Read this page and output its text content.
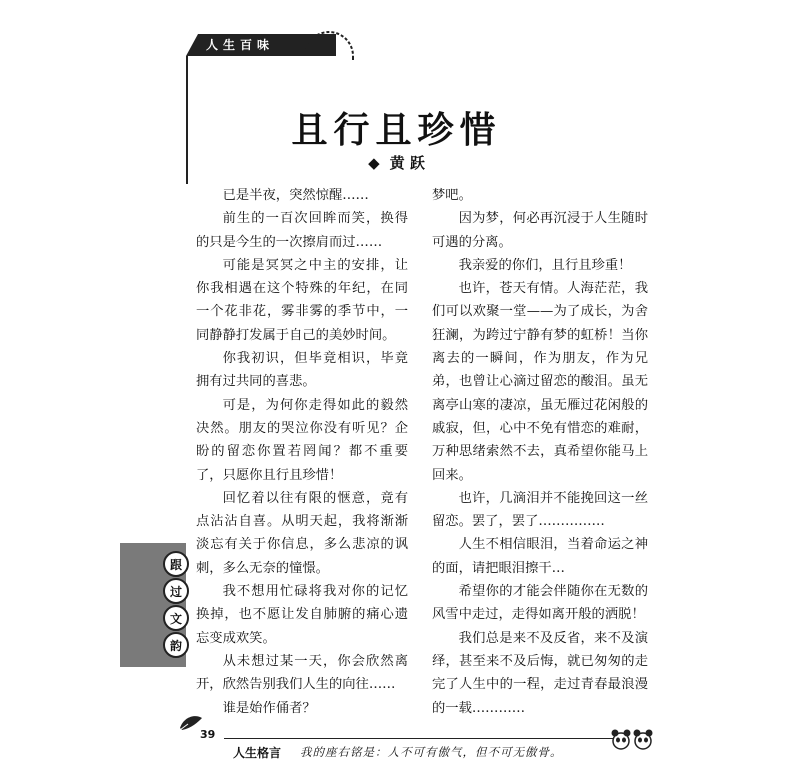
人生百味
且行且珍惜
◆ 黄 跃

已是半夜，突然惊醒……

前生的一百次回眸而笑，换得的只是今生的一次擦肩而过……

可能是冥冥之中主的安排，让你我相遇在这个特殊的年纪，在同一个花非花，雾非雾的季节中，一同静静打发属于自己的美妙时间。

你我初识，但毕竟相识，毕竟拥有过共同的喜悲。

可是，为何你走得如此的毅然决然。朋友的哭泣你没有听见？企盼的留恋你置若罔闻？都不重要了，只愿你且行且珍惜！

回忆着以往有限的惬意，竟有点沾沾自喜。从明天起，我将渐渐淡忘有关于你信息，多么悲凉的讽刺，多么无奈的憧憬。

我不想用忙碌将我对你的记忆换掉，也不愿让发自肺腑的痛心遗忘变成欢笑。

从未想过某一天，你会欣然离开，欣然告别我们人生的向往……

谁是始作俑者？

梦吧。

因为梦，何必再沉浸于人生随时可遇的分离。

我亲爱的你们，且行且珍重！

也许，苍天有情。人海茫茫，我们可以欢聚一堂——为了成长，为舍狂澜，为跨过宁静有梦的虹桥！当你离去的一瞬间，作为朋友，作为兄弟，也曾让心滴过留恋的酸泪。虽无离亭山寒的凄凉，虽无雁过花闲般的戚寂，但，心中不免有惜恋的难耐，万种思绪索然不去，真希望你能马上回来。

也许，几滴泪并不能挽回这一丝留恋。罢了，罢了……………

人生不相信眼泪，当着命运之神的面，请把眼泪擦干…

希望你的才能会伴随你在无数的风雪中走过，走得如离开般的洒脱！

我们总是来不及反省，来不及演绎，甚至来不及后悔，就已匆匆的走完了人生中的一程，走过青春最浪漫的一载…………

跟
过
文
韵
39
人生格言 我的座右铭是：人不可有傲气，但不可无傲骨。
